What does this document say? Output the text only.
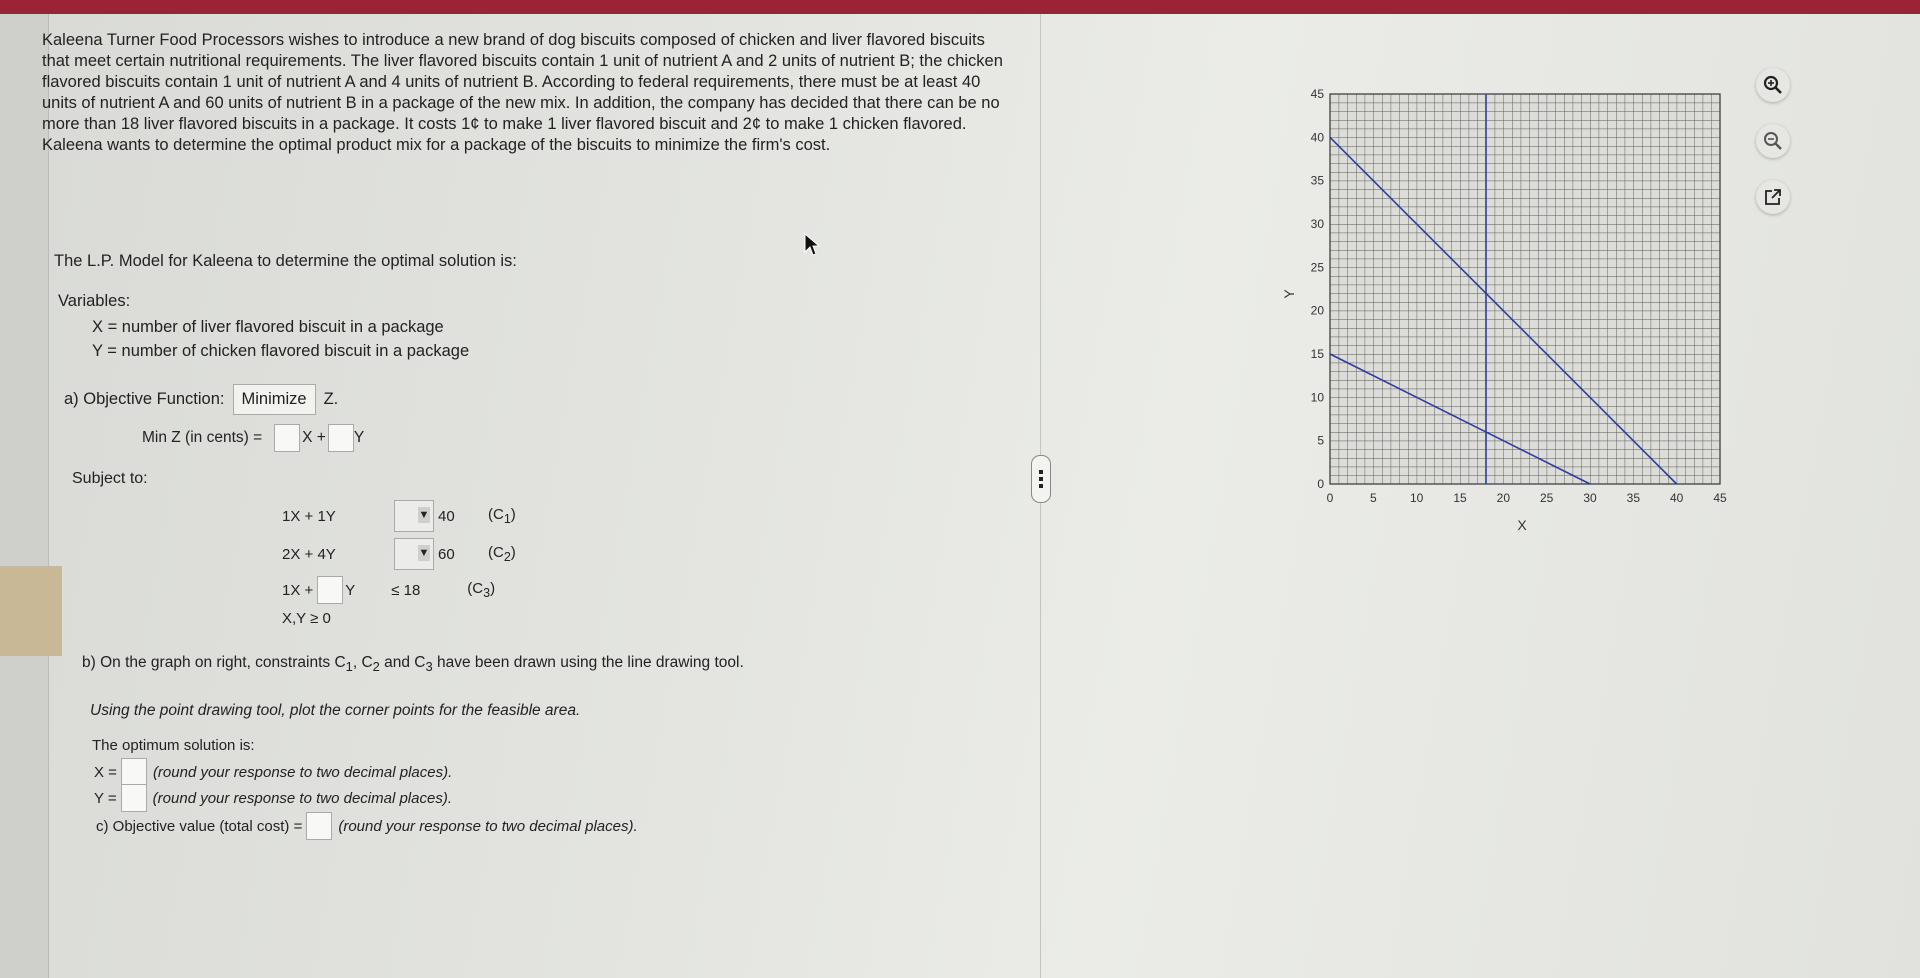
Kaleena Turner Food Processors wishes to introduce a new brand of dog biscuits composed of chicken and liver flavored biscuits that meet certain nutritional requirements. The liver flavored biscuits contain 1 unit of nutrient A and 2 units of nutrient B; the chicken flavored biscuits contain 1 unit of nutrient A and 4 units of nutrient B. According to federal requirements, there must be at least 40 units of nutrient A and 60 units of nutrient B in a package of the new mix. In addition, the company has decided that there can be no more than 18 liver flavored biscuits in a package. It costs 1¢ to make 1 liver flavored biscuit and 2¢ to make 1 chicken flavored. Kaleena wants to determine the optimal product mix for a package of the biscuits to minimize the firm's cost.

The L.P. Model for Kaleena to determine the optimal solution is:
Variables:
X = number of liver flavored biscuit in a package
Y = number of chicken flavored biscuit in a package
a) Objective Function:	Minimize	Z.
Min Z (in cents) =	X + Y
Subject to:
1X + 1Y	▼ 40	$(C_1)$
2X + 4Y	▼ 60	$(C_2)$
1X + Y	≤ 18	$(C_3)$
X,Y ≥ 0
b) On the graph on right, constraints $C_1$, $C_2$ and $C_3$ have been drawn using the line drawing tool.
Using the point drawing tool, plot the corner points for the feasible area.
The optimum solution is:
X = (round your response to two decimal places).
Y = (round your response to two decimal places).
c) Objective value (total cost) = (round your response to two decimal places).
0	5	10 15 20 25 30 35 40 45
0
5
10
15
20
25
30
35
40
45
X
Y
